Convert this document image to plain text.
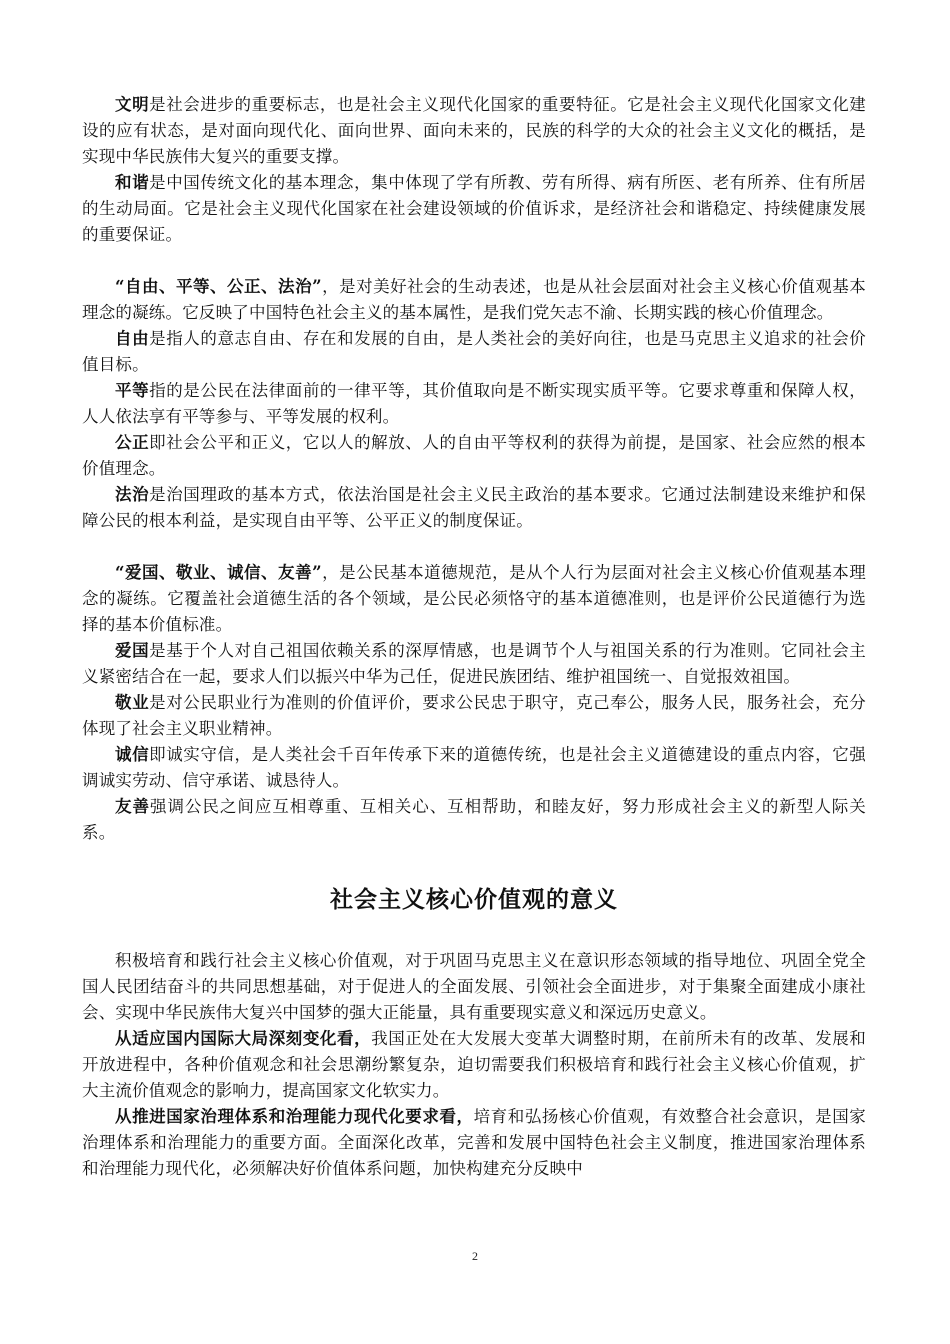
文明是社会进步的重要标志，也是社会主义现代化国家的重要特征。它是社会主义现代化国家文化建设的应有状态，是对面向现代化、面向世界、面向未来的，民族的科学的大众的社会主义文化的概括，是实现中华民族伟大复兴的重要支撑。

和谐是中国传统文化的基本理念，集中体现了学有所教、劳有所得、病有所医、老有所养、住有所居的生动局面。它是社会主义现代化国家在社会建设领域的价值诉求，是经济社会和谐稳定、持续健康发展的重要保证。

“自由、平等、公正、法治”，是对美好社会的生动表述，也是从社会层面对社会主义核心价值观基本理念的凝练。它反映了中国特色社会主义的基本属性，是我们党矢志不渝、长期实践的核心价值理念。

自由是指人的意志自由、存在和发展的自由，是人类社会的美好向往，也是马克思主义追求的社会价值目标。

平等指的是公民在法律面前的一律平等，其价值取向是不断实现实质平等。它要求尊重和保障人权，人人依法享有平等参与、平等发展的权利。

公正即社会公平和正义，它以人的解放、人的自由平等权利的获得为前提，是国家、社会应然的根本价值理念。

法治是治国理政的基本方式，依法治国是社会主义民主政治的基本要求。它通过法制建设来维护和保障公民的根本利益，是实现自由平等、公平正义的制度保证。

“爱国、敬业、诚信、友善”，是公民基本道德规范，是从个人行为层面对社会主义核心价值观基本理念的凝练。它覆盖社会道德生活的各个领域，是公民必须恪守的基本道德准则，也是评价公民道德行为选择的基本价值标准。

爱国是基于个人对自己祖国依赖关系的深厚情感，也是调节个人与祖国关系的行为准则。它同社会主义紧密结合在一起，要求人们以振兴中华为己任，促进民族团结、维护祖国统一、自觉报效祖国。

敬业是对公民职业行为准则的价值评价，要求公民忠于职守，克己奉公，服务人民，服务社会，充分体现了社会主义职业精神。

诚信即诚实守信，是人类社会千百年传承下来的道德传统，也是社会主义道德建设的重点内容，它强调诚实劳动、信守承诺、诚恳待人。

友善强调公民之间应互相尊重、互相关心、互相帮助，和睦友好，努力形成社会主义的新型人际关系。

社会主义核心价值观的意义

积极培育和践行社会主义核心价值观，对于巩固马克思主义在意识形态领域的指导地位、巩固全党全国人民团结奋斗的共同思想基础，对于促进人的全面发展、引领社会全面进步，对于集聚全面建成小康社会、实现中华民族伟大复兴中国梦的强大正能量，具有重要现实意义和深远历史意义。

从适应国内国际大局深刻变化看，我国正处在大发展大变革大调整时期，在前所未有的改革、发展和开放进程中，各种价值观念和社会思潮纷繁复杂，迫切需要我们积极培育和践行社会主义核心价值观，扩大主流价值观念的影响力，提高国家文化软实力。

从推进国家治理体系和治理能力现代化要求看，培育和弘扬核心价值观，有效整合社会意识，是国家治理体系和治理能力的重要方面。全面深化改革，完善和发展中国特色社会主义制度，推进国家治理体系和治理能力现代化，必须解决好价值体系问题，加快构建充分反映中

2
